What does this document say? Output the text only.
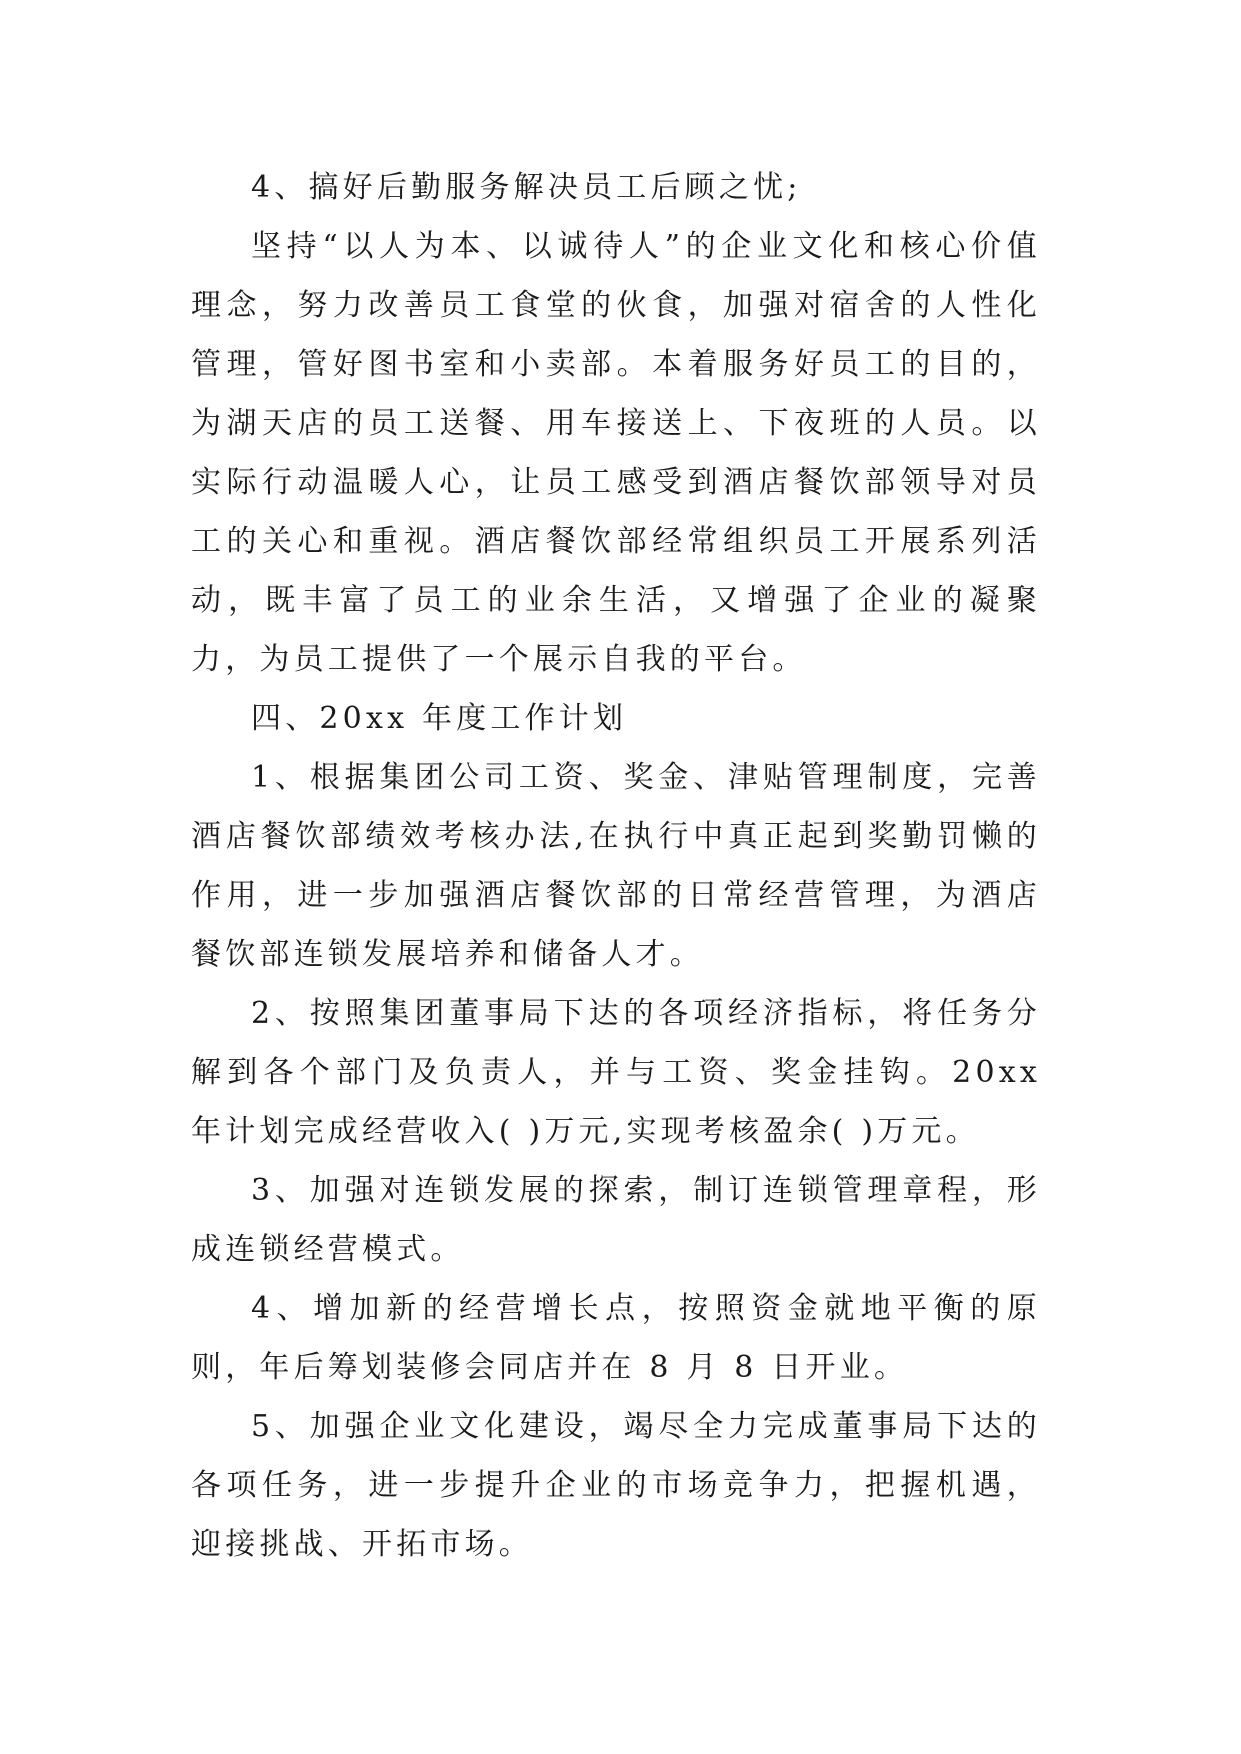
4、搞好后勤服务解决员工后顾之忧;

坚持“以人为本、以诚待人”的企业文化和核心价值理念，努力改善员工食堂的伙食，加强对宿舍的人性化管理，管好图书室和小卖部。本着服务好员工的目的，为湖天店的员工送餐、用车接送上、下夜班的人员。以实际行动温暖人心，让员工感受到酒店餐饮部领导对员工的关心和重视。酒店餐饮部经常组织员工开展系列活动，既丰富了员工的业余生活，又增强了企业的凝聚力，为员工提供了一个展示自我的平台。

四、20xx 年度工作计划

1、根据集团公司工资、奖金、津贴管理制度，完善酒店餐饮部绩效考核办法,在执行中真正起到奖勤罚懒的作用，进一步加强酒店餐饮部的日常经营管理，为酒店餐饮部连锁发展培养和储备人才。

2、按照集团董事局下达的各项经济指标，将任务分解到各个部门及负责人，并与工资、奖金挂钩。20xx 年计划完成经营收入( )万元,实现考核盈余( )万元。

3、加强对连锁发展的探索，制订连锁管理章程，形成连锁经营模式。

4、增加新的经营增长点，按照资金就地平衡的原则，年后筹划装修会同店并在 8 月 8 日开业。

5、加强企业文化建设，竭尽全力完成董事局下达的各项任务，进一步提升企业的市场竞争力，把握机遇，迎接挑战、开拓市场。
